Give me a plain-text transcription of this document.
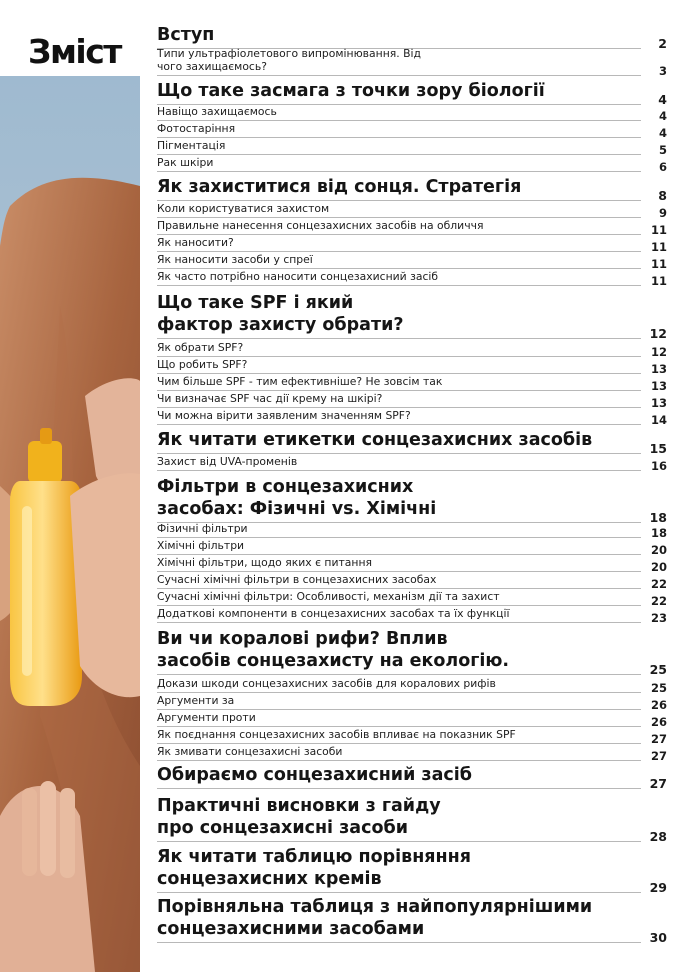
Зміст Вступ	2
Типи ультрафіолетового випромінювання. Від чого захищаємось?	3
Що таке засмага з точки зору біології	4
Навіщо захищаємось	4
Фотостаріння	4
Пігментація	5
Рак шкіри	6
Як захиститися від сонця. Стратегія	8
Коли користуватися захистом	9
Правильне нанесення сонцезахисних засобів на обличчя	11
Як наносити?	11
Як наносити засоби у спреї	11
Як часто потрібно наносити сонцезахисний засіб	11
Що таке SPF і який фактор захисту обрати?	12
Як обрати SPF?	12
Що робить SPF?	13
Чим більше SPF - тим ефективніше? Не зовсім так	13
Чи визначає SPF час дії крему на шкірі?	13
Чи можна вірити заявленим значенням SPF?	14
Як читати етикетки сонцезахисних засобів	15
Захист від UVA-променів	16
Фільтри в сонцезахисних засобах: Фізичні vs. Хімічні	18
Фізичні фільтри	18
Хімічні фільтри	20
Хімічні фільтри, щодо яких є питання	20
Сучасні хімічні фільтри в сонцезахисних засобах	22
Сучасні хімічні фільтри: Особливості, механізм дії та захист	22
Додаткові компоненти в сонцезахисних засобах та їх функції	23
Ви чи коралові рифи? Вплив засобів сонцезахисту на екологію.	25
Докази шкоди сонцезахисних засобів для коралових рифів	25
Аргументи за	26
Аргументи проти	26
Як поєднання сонцезахисних засобів впливає на показник SPF	27
Як змивати сонцезахисні засоби	27
Обираємо сонцезахисний засіб	27
Практичні висновки з гайду про сонцезахисні засоби	28
Як читати таблицю порівняння сонцезахисних кремів	29
Порівняльна таблиця з найпопулярнішими сонцезахисними засобами	30
